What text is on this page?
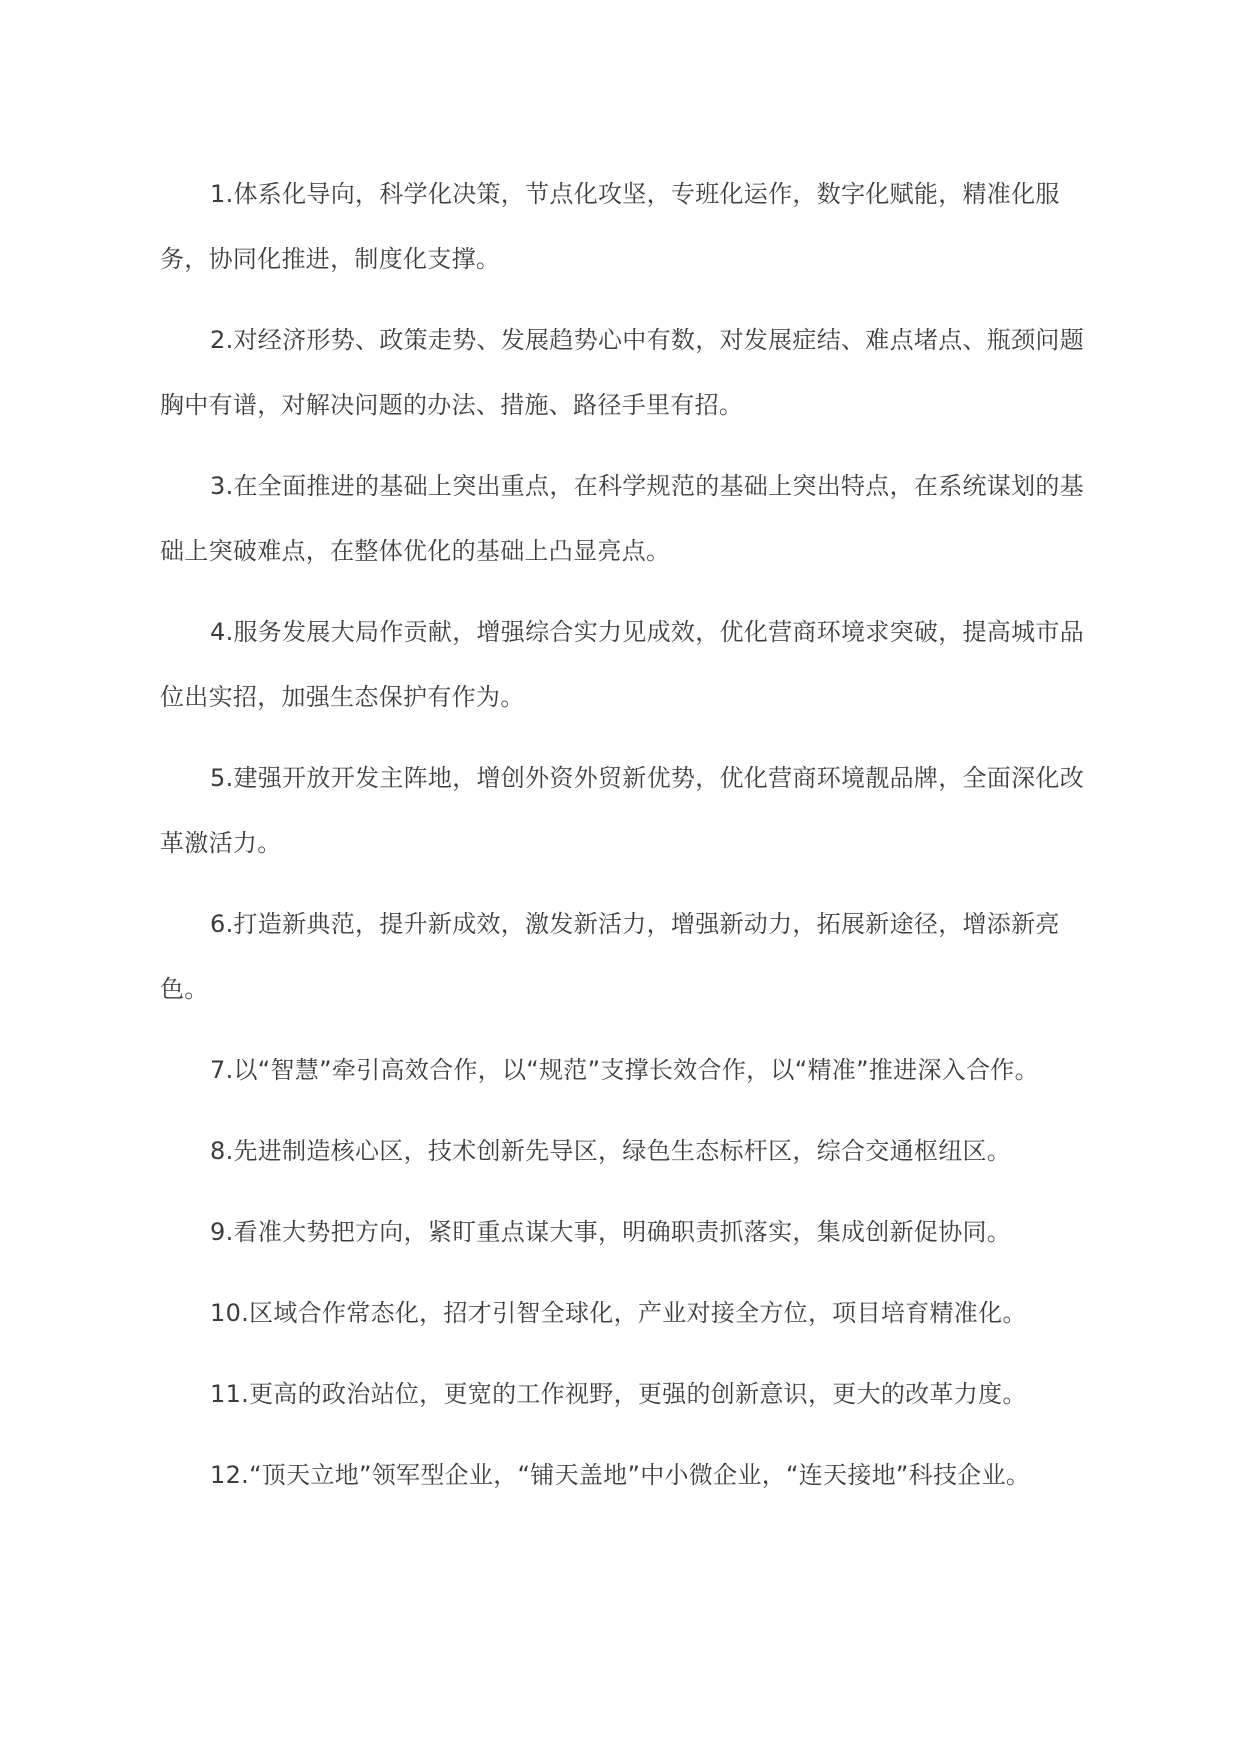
1.体系化导向，科学化决策，节点化攻坚，专班化运作，数字化赋能，精准化服务，协同化推进，制度化支撑。

2.对经济形势、政策走势、发展趋势心中有数，对发展症结、难点堵点、瓶颈问题胸中有谱，对解决问题的办法、措施、路径手里有招。

3.在全面推进的基础上突出重点，在科学规范的基础上突出特点，在系统谋划的基础上突破难点，在整体优化的基础上凸显亮点。

4.服务发展大局作贡献，增强综合实力见成效，优化营商环境求突破，提高城市品位出实招，加强生态保护有作为。

5.建强开放开发主阵地，增创外资外贸新优势，优化营商环境靓品牌，全面深化改革激活力。

6.打造新典范，提升新成效，激发新活力，增强新动力，拓展新途径，增添新亮色。

7.以“智慧”牵引高效合作，以“规范”支撑长效合作，以“精准”推进深入合作。

8.先进制造核心区，技术创新先导区，绿色生态标杆区，综合交通枢纽区。

9.看准大势把方向，紧盯重点谋大事，明确职责抓落实，集成创新促协同。

10.区域合作常态化，招才引智全球化，产业对接全方位，项目培育精准化。

11.更高的政治站位，更宽的工作视野，更强的创新意识，更大的改革力度。

12.“顶天立地”领军型企业，“铺天盖地”中小微企业，“连天接地”科技企业。
